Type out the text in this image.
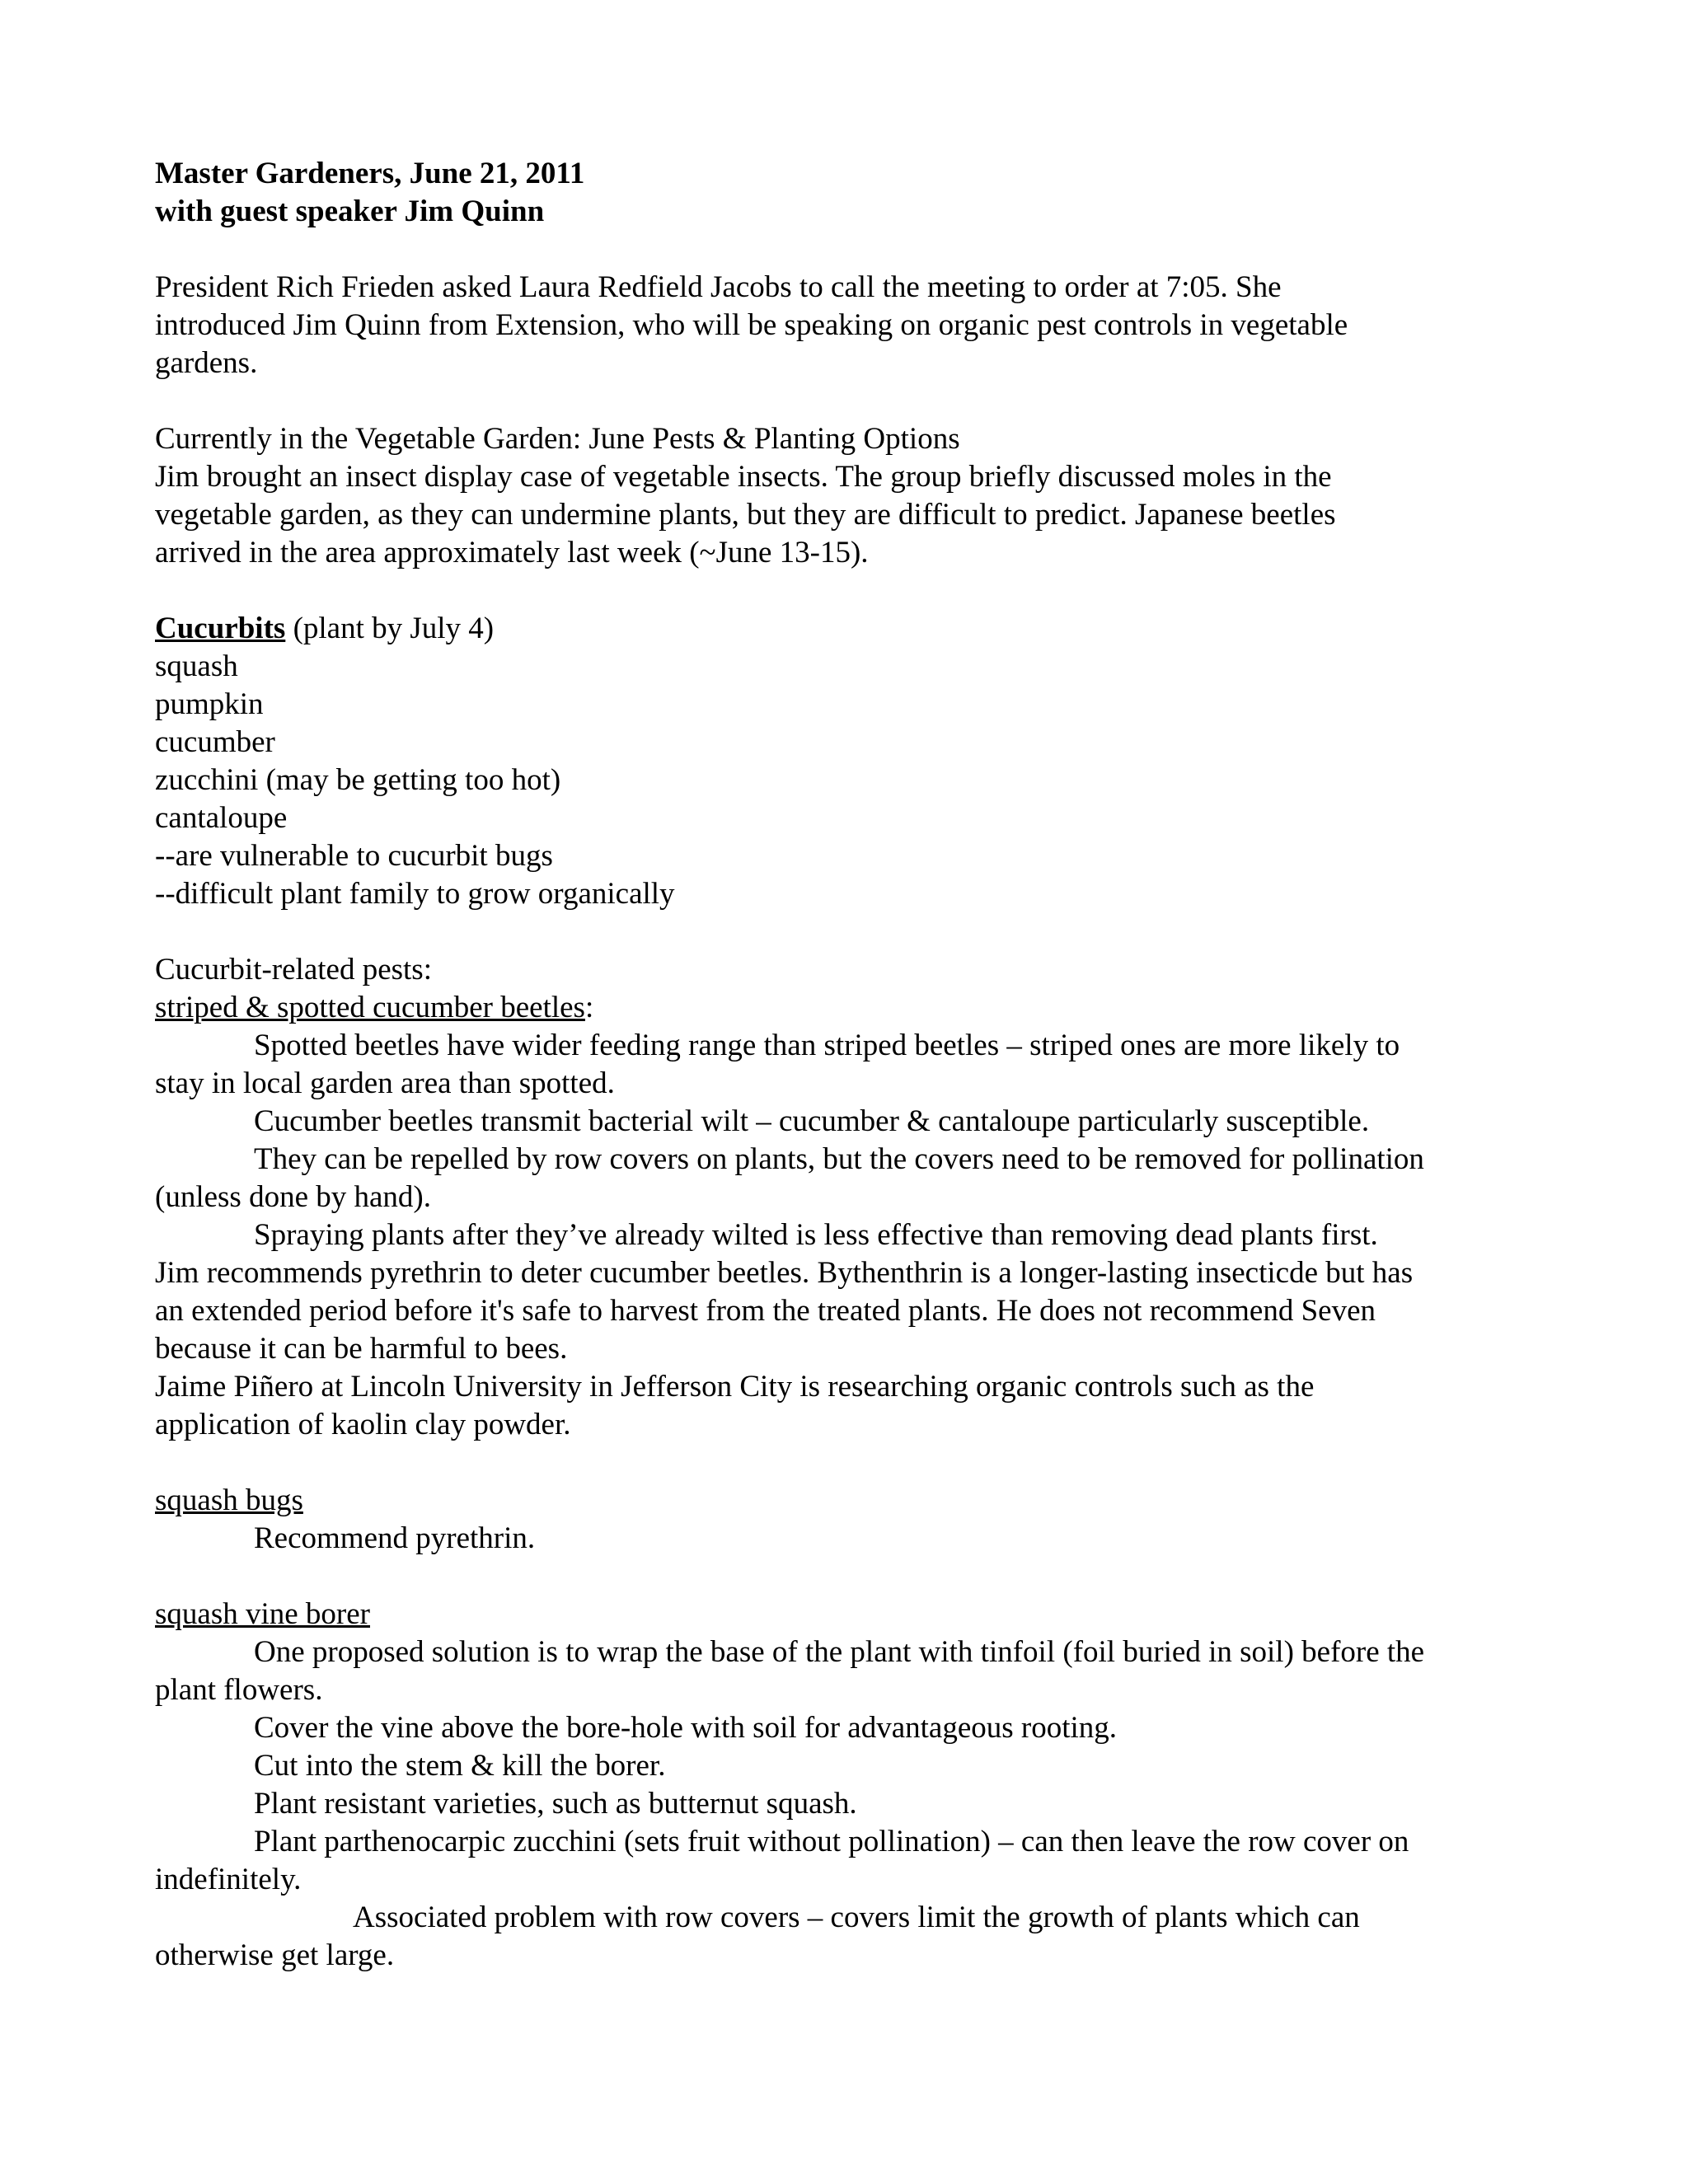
Master Gardeners, June 21, 2011
with guest speaker Jim Quinn
President Rich Frieden asked Laura Redfield Jacobs to call the meeting to order at 7:05. She
introduced Jim Quinn from Extension, who will be speaking on organic pest controls in vegetable
gardens.
Currently in the Vegetable Garden: June Pests & Planting Options
Jim brought an insect display case of vegetable insects. The group briefly discussed moles in the
vegetable garden, as they can undermine plants, but they are difficult to predict. Japanese beetles
arrived in the area approximately last week (~June 13-15).
Cucurbits (plant by July 4)
squash
pumpkin
cucumber
zucchini (may be getting too hot)
cantaloupe
--are vulnerable to cucurbit bugs
--difficult plant family to grow organically
Cucurbit-related pests:
striped & spotted cucumber beetles:
Spotted beetles have wider feeding range than striped beetles – striped ones are more likely to
stay in local garden area than spotted.
Cucumber beetles transmit bacterial wilt – cucumber & cantaloupe particularly susceptible.
They can be repelled by row covers on plants, but the covers need to be removed for pollination
(unless done by hand).
Spraying plants after they’ve already wilted is less effective than removing dead plants first.
Jim recommends pyrethrin to deter cucumber beetles. Bythenthrin is a longer-lasting insecticde but has
an extended period before it's safe to harvest from the treated plants. He does not recommend Seven
because it can be harmful to bees.
Jaime Piñero at Lincoln University in Jefferson City is researching organic controls such as the
application of kaolin clay powder.
squash bugs
Recommend pyrethrin.
squash vine borer
One proposed solution is to wrap the base of the plant with tinfoil (foil buried in soil) before the
plant flowers.
Cover the vine above the bore-hole with soil for advantageous rooting.
Cut into the stem & kill the borer.
Plant resistant varieties, such as butternut squash.
Plant parthenocarpic zucchini (sets fruit without pollination) – can then leave the row cover on
indefinitely.
Associated problem with row covers – covers limit the growth of plants which can
otherwise get large.
